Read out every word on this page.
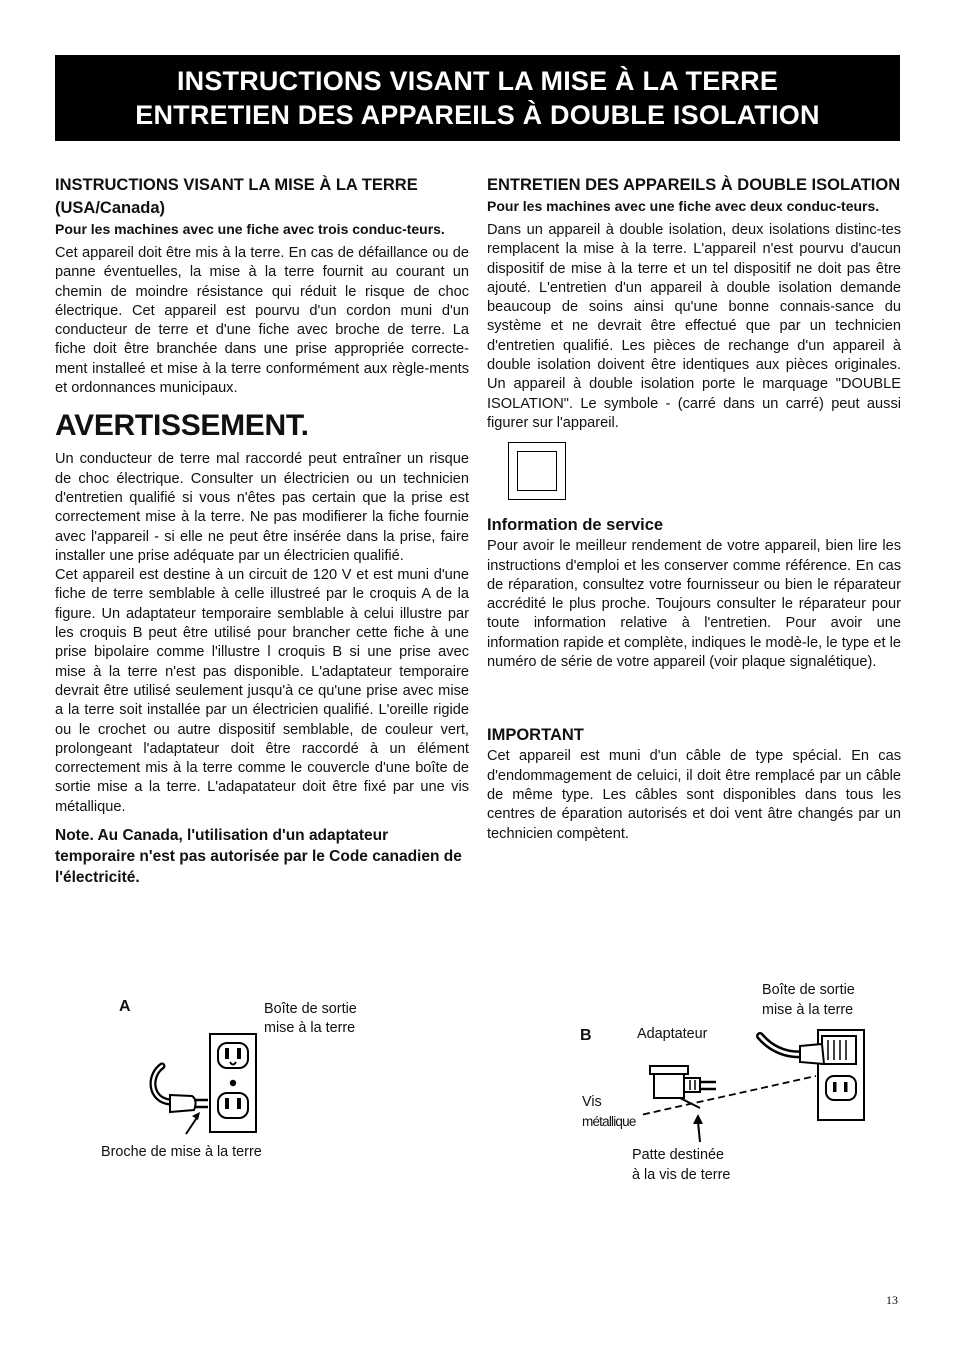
INSTRUCTIONS VISANT LA MISE À LA TERRE
ENTRETIEN DES APPAREILS À DOUBLE ISOLATION

INSTRUCTIONS VISANT LA MISE À LA TERRE (USA/Canada)

Pour les machines avec une fiche avec trois conduc-teurs.

Cet appareil doit être mis à la terre. En cas de défaillance ou de panne éventuelles, la mise à la terre fournit au courant un chemin de moindre résistance qui réduit le risque de choc électrique. Cet appareil est pourvu d'un cordon muni d'un conducteur de terre et d'une fiche avec broche de terre. La fiche doit être branchée dans une prise appropriée correcte-ment installeé et mise à la terre conformément aux règle-ments et ordonnances municipaux.

AVERTISSEMENT.

Un conducteur de terre mal raccordé peut entraîner un risque de choc électrique. Consulter un électricien ou un technicien d'entretien qualifié si vous n'êtes pas certain que la prise est correctement mise à la terre. Ne pas modifierer la fiche fournie avec l'appareil - si elle ne peut être insérée dans la prise, faire installer une prise adéquate par un électricien qualifié.

Cet appareil est destine à un circuit de 120 V et est muni d'une fiche de terre semblable à celle illustreé par le croquis A de la figure. Un adaptateur temporaire semblable à celui illustre par les croquis B peut être utilisé pour brancher cette fiche à une prise bipolaire comme l'illustre l croquis B si une prise avec mise à la terre n'est pas disponible. L'adaptateur temporaire devrait être utilisé seulement jusqu'à ce qu'une prise avec mise a la terre soit installée par un électricien qualifié. L'oreille rigide ou le crochet ou autre dispositif semblable, de couleur vert, prolongeant l'adaptateur doit être raccordé à un élément correctement mis à la terre comme le couvercle d'une boîte de sortie mise a la terre. L'adapatateur doit être fixé par une vis métallique.

Note. Au Canada, l'utilisation d'un adaptateur temporaire n'est pas autorisée par le Code canadien de l'électricité.

ENTRETIEN DES APPAREILS À DOUBLE ISOLATION

Pour les machines avec une fiche avec deux conduc-teurs.

Dans un appareil à double isolation, deux isolations distinc-tes remplacent la mise à la terre. L'appareil n'est pourvu d'aucun dispositif de mise à la terre et un tel dispositif ne doit pas être ajouté. L'entretien d'un appareil à double isolation demande beaucoup de soins ainsi qu'une bonne connais-sance du système et ne devrait être effectué que par un technicien d'entretien qualifié. Les pièces de rechange d'un appareil à double isolation doivent être identiques aux pièces originales. Un appareil à double isolation porte le marquage "DOUBLE ISOLATION". Le symbole - (carré dans un carré) peut aussi figurer sur l'appareil.

Information de service

Pour avoir le meilleur rendement de votre appareil, bien lire les instructions d'emploi et les conserver comme référence. En cas de réparation, consultez votre fournisseur ou bien le réparateur accrédité le plus proche. Toujours consulter le réparateur pour toute information relative à l'entretien. Pour avoir une information rapide et complète, indiques le modè-le, le type et le numéro de série de votre appareil (voir plaque signalétique).

IMPORTANT

Cet appareil est muni d'un câble de type spécial. En cas d'endommagement de celuici, il doit être remplacé par un câble de même type. Les câbles sont disponibles dans tous les centres de éparation autorisés et doi vent âtre changés par un technicien compètent.

A	Boîte de sortie
mise à la terre
Broche de mise à la terre
B	Adaptateur
Boîte de sortie
mise à la terre
Vis
métallique
Patte destinée
à la vis de terre
13
